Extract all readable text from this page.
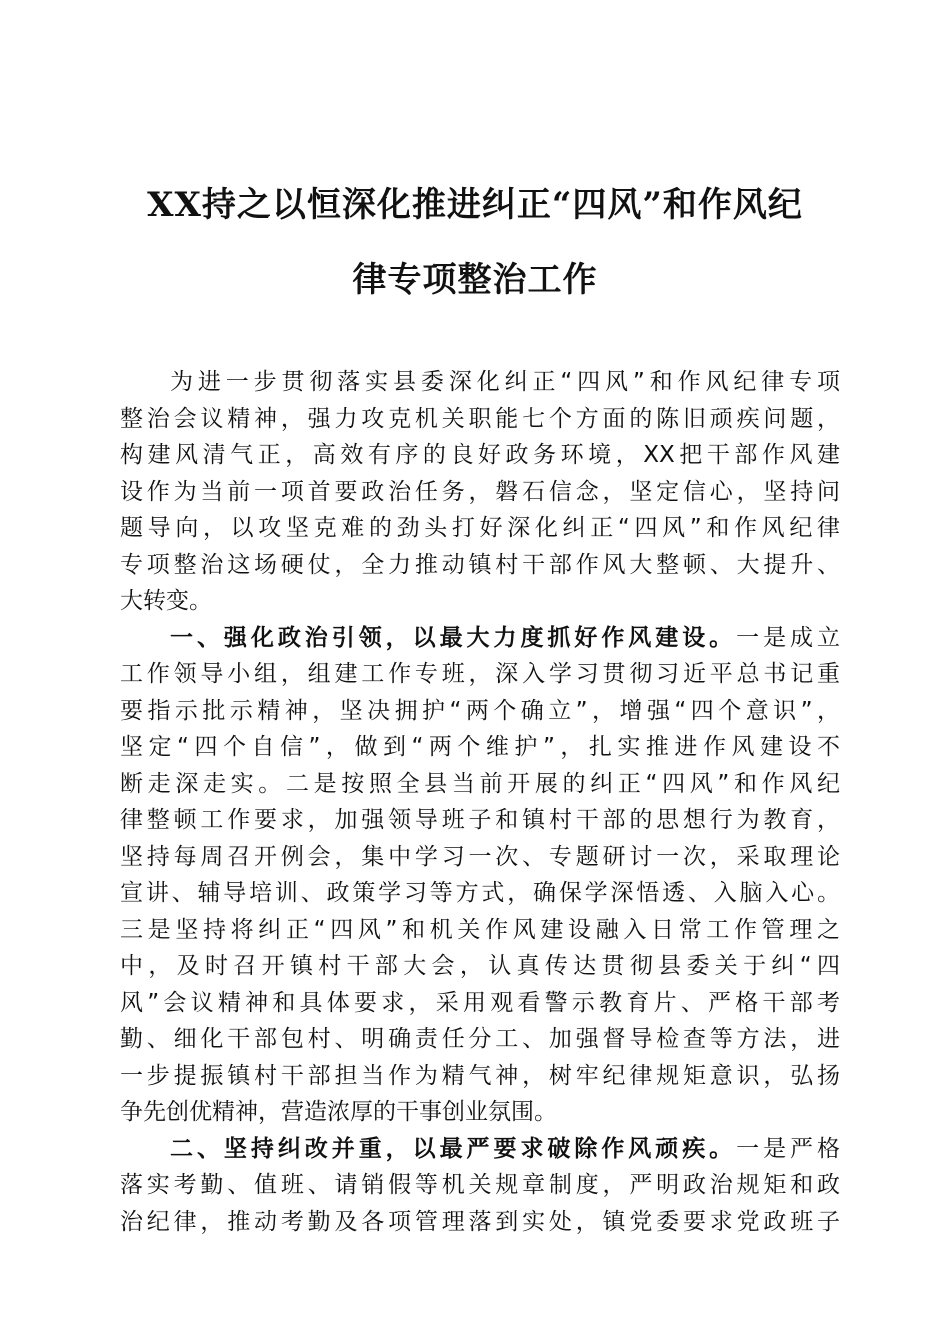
XX持之以恒深化推进纠正“四风”和作风纪
律专项整治工作
为进一步贯彻落实县委深化纠正“四风”和作风纪律专项
整治会议精神，强力攻克机关职能七个方面的陈旧顽疾问题，
构建风清气正，高效有序的良好政务环境，XX把干部作风建
设作为当前一项首要政治任务，磐石信念，坚定信心，坚持问
题导向，以攻坚克难的劲头打好深化纠正“四风”和作风纪律
专项整治这场硬仗，全力推动镇村干部作风大整顿、大提升、
大转变。
一、强化政治引领，以最大力度抓好作风建设。一是成立
工作领导小组，组建工作专班，深入学习贯彻习近平总书记重
要指示批示精神，坚决拥护“两个确立”，增强“四个意识”，
坚定“四个自信”，做到“两个维护”，扎实推进作风建设不
断走深走实。二是按照全县当前开展的纠正“四风”和作风纪
律整顿工作要求，加强领导班子和镇村干部的思想行为教育，
坚持每周召开例会，集中学习一次、专题研讨一次，采取理论
宣讲、辅导培训、政策学习等方式，确保学深悟透、入脑入心。
三是坚持将纠正“四风”和机关作风建设融入日常工作管理之
中，及时召开镇村干部大会，认真传达贯彻县委关于纠“四
风”会议精神和具体要求，采用观看警示教育片、严格干部考
勤、细化干部包村、明确责任分工、加强督导检查等方法，进
一步提振镇村干部担当作为精气神，树牢纪律规矩意识，弘扬
争先创优精神，营造浓厚的干事创业氛围。
二、坚持纠改并重，以最严要求破除作风顽疾。一是严格
落实考勤、值班、请销假等机关规章制度，严明政治规矩和政
治纪律，推动考勤及各项管理落到实处，镇党委要求党政班子
